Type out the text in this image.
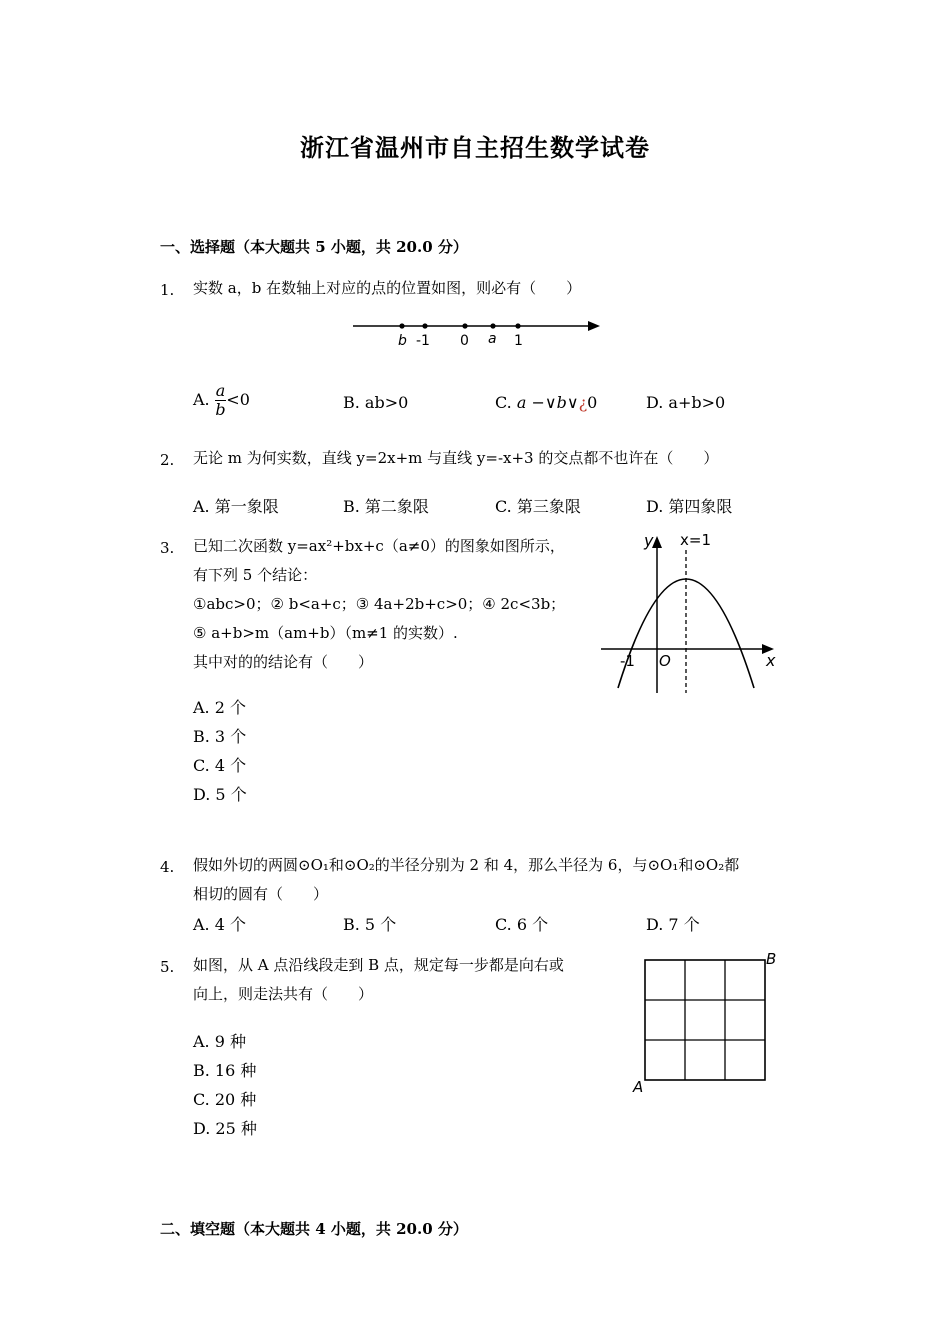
浙江省温州市自主招生数学试卷
一、选择题（本大题共 5 小题，共 20.0 分）
1. 实数 a，b 在数轴上对应的点的位置如图，则必有（　　）
b -1 0 a 1
A. $\frac{a}{b} <0$	B. ab>0	C. a −∨b∨¿0	D. a+b>0
2. 无论 m 为何实数，直线 y=2x+m 与直线 y=-x+3 的交点都不也许在（　　）
A. 第一象限	B. 第二象限	C. 第三象限	D. 第四象限
3. 已知二次函数 y=ax²+bx+c（a≠0）的图象如图所示，
有下列 5 个结论：
①abc>0；② b<a+c；③ 4a+2b+c>0；④ 2c<3b；
⑤ a+b>m（am+b）（m≠1 的实数）.
其中对的的结论有（　　）
y x=1
x
O
-1
A. 2 个
B. 3 个
C. 4 个
D. 5 个
4. 假如外切的两圆⊙O₁和⊙O₂的半径分别为 2 和 4，那么半径为 6，与⊙O₁和⊙O₂都
相切的圆有（　　）
A. 4 个	B. 5 个	C. 6 个	D. 7 个
5. 如图，从 A 点沿线段走到 B 点，规定每一步都是向右或
向上，则走法共有（　　）
A
B
A. 9 种
B. 16 种
C. 20 种
D. 25 种
二、填空题（本大题共 4 小题，共 20.0 分）
